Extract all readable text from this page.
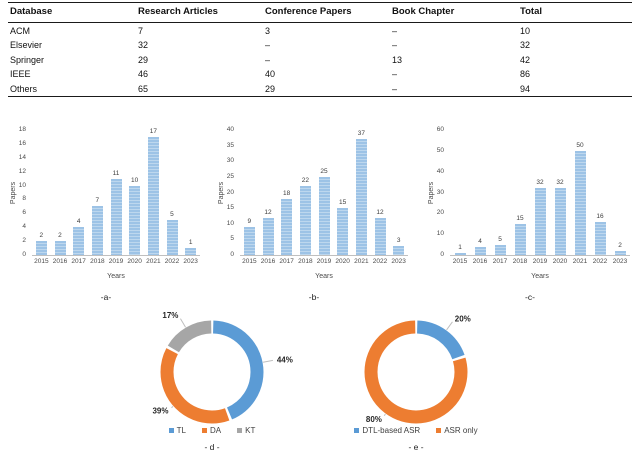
Database	Research Articles	Conference Papers	Book Chapter	Total
ACM	7	3	–	10
Elsevier	32	–	–	32
Springer	29	–	13	42
IEEE	46	40	–	86
Others	65	29	–	94
0
2
4
6
8
10
12
14
16
18
2
2015
2
2016
4
2017
7
2018
11
2019
10
2020
17
2021
5
2022
1
2023
Years
Papers
-a-
0
5
10
15
20
25
30
35
40
9
2015
12
2016
18
2017
22
2018
25
2019
15
2020
37
2021
12
2022
3
2023
Years
Papers
-b-
0
10
20
30
40
50
60
1
2015
4
2016
5
2017
15
2018
32
2019
32
2020
50
2021
16
2022
2
2023
Years
Papers
-c-
44%
39%
17%
TL	DA	KT
- d -
20%
80%
DTL-based ASR	ASR only
- e -
